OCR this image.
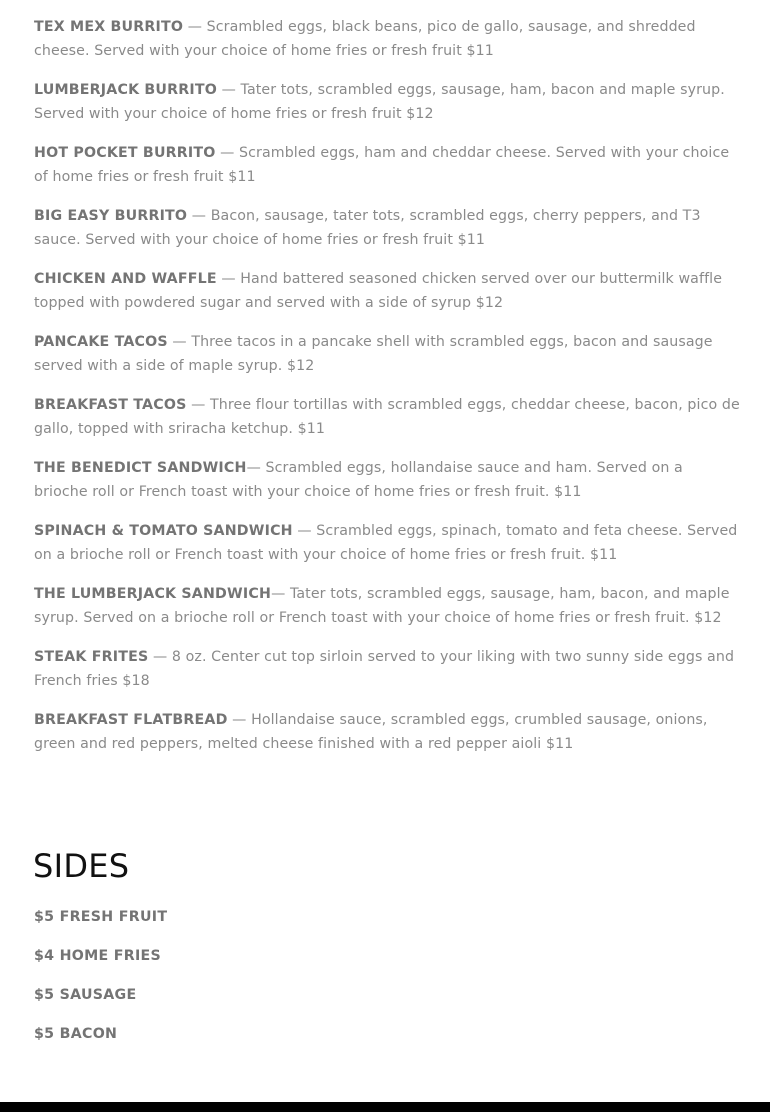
TEX MEX BURRITO — Scrambled eggs, black beans, pico de gallo, sausage, and shredded cheese. Served with your choice of home fries or fresh fruit $11

LUMBERJACK BURRITO — Tater tots, scrambled eggs, sausage, ham, bacon and maple syrup. Served with your choice of home fries or fresh fruit $12

HOT POCKET BURRITO — Scrambled eggs, ham and cheddar cheese. Served with your choice of home fries or fresh fruit $11

BIG EASY BURRITO — Bacon, sausage, tater tots, scrambled eggs, cherry peppers, and T3 sauce. Served with your choice of home fries or fresh fruit $11

CHICKEN AND WAFFLE — Hand battered seasoned chicken served over our buttermilk waffle topped with powdered sugar and served with a side of syrup $12

PANCAKE TACOS — Three tacos in a pancake shell with scrambled eggs, bacon and sausage served with a side of maple syrup. $12

BREAKFAST TACOS — Three flour tortillas with scrambled eggs, cheddar cheese, bacon, pico de gallo, topped with sriracha ketchup. $11

THE BENEDICT SANDWICH— Scrambled eggs, hollandaise sauce and ham. Served on a brioche roll or French toast with your choice of home fries or fresh fruit. $11

SPINACH & TOMATO SANDWICH — Scrambled eggs, spinach, tomato and feta cheese. Served on a brioche roll or French toast with your choice of home fries or fresh fruit. $11

THE LUMBERJACK SANDWICH— Tater tots, scrambled eggs, sausage, ham, bacon, and maple syrup. Served on a brioche roll or French toast with your choice of home fries or fresh fruit. $12

STEAK FRITES — 8 oz. Center cut top sirloin served to your liking with two sunny side eggs and French fries $18

BREAKFAST FLATBREAD — Hollandaise sauce, scrambled eggs, crumbled sausage, onions, green and red peppers, melted cheese finished with a red pepper aioli $11

SIDES
$5 FRESH FRUIT
$4 HOME FRIES
$5 SAUSAGE
$5 BACON
